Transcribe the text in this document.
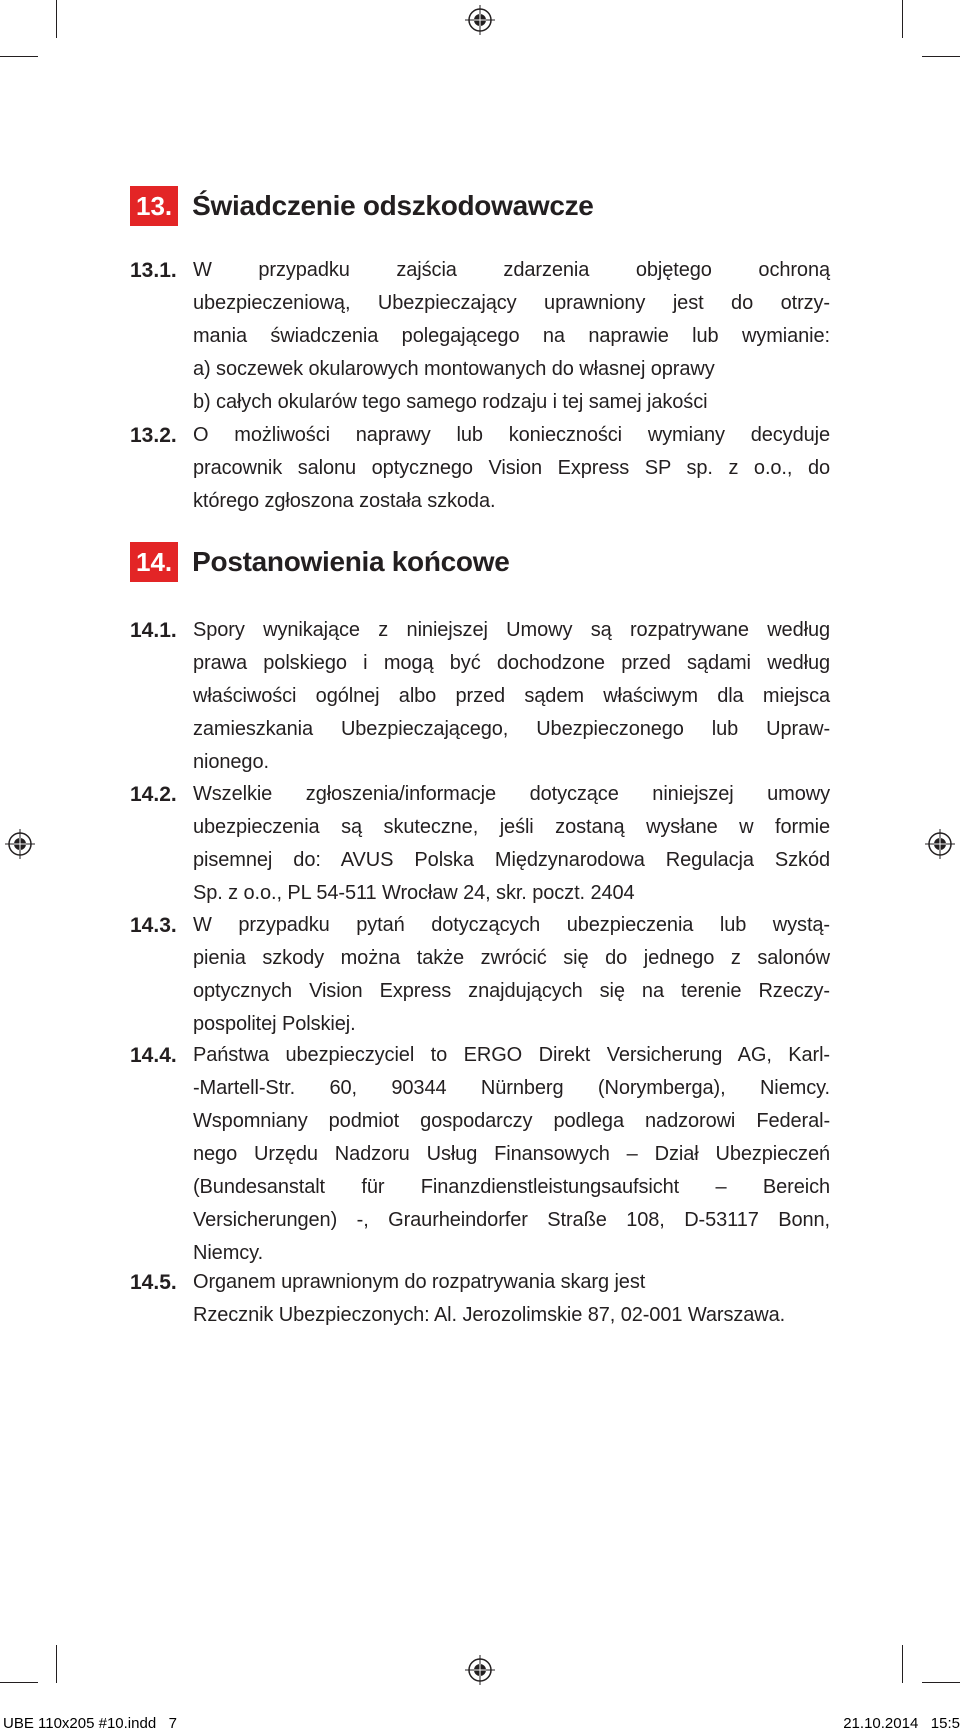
13. Świadczenie odszkodowawcze
13.1. W przypadku zajścia zdarzenia objętego ochroną

ubezpieczeniową, Ubezpieczający uprawniony jest do otrzy-

mania świadczenia polegającego na naprawie lub wymianie:

a) soczewek okularowych montowanych do własnej oprawy

b) całych okularów tego samego rodzaju i tej samej jakości

13.2. O możliwości naprawy lub konieczności wymiany decyduje

pracownik salonu optycznego Vision Express SP sp. z o.o., do

którego zgłoszona została szkoda.

14. Postanowienia końcowe
14.1. Spory wynikające z niniejszej Umowy są rozpatrywane według

prawa polskiego i mogą być dochodzone przed sądami według

właściwości ogólnej albo przed sądem właściwym dla miejsca

zamieszkania Ubezpieczającego, Ubezpieczonego lub Upraw-

nionego.

14.2. Wszelkie zgłoszenia/informacje dotyczące niniejszej umowy

ubezpieczenia są skuteczne, jeśli zostaną wysłane w formie

pisemnej do: AVUS Polska Międzynarodowa Regulacja Szkód

Sp. z o.o., PL 54-511 Wrocław 24, skr. poczt. 2404

14.3. W przypadku pytań dotyczących ubezpieczenia lub wystą-

pienia szkody można także zwrócić się do jednego z salonów

optycznych Vision Express znajdujących się na terenie Rzeczy-

pospolitej Polskiej.

14.4. Państwa ubezpieczyciel to ERGO Direkt Versicherung AG, Karl-

-Martell-Str. 60, 90344 Nürnberg (Norymberga), Niemcy.

Wspomniany podmiot gospodarczy podlega nadzorowi Federal-

nego Urzędu Nadzoru Usług Finansowych – Dział Ubezpieczeń

(Bundesanstalt für Finanzdienstleistungsaufsicht – Bereich

Versicherungen) -, Graurheindorfer Straße 108, D-53117 Bonn,

Niemcy.

14.5. Organem uprawnionym do rozpatrywania skarg jest

Rzecznik Ubezpieczonych: Al. Jerozolimskie 87, 02-001 Warszawa.

UBE 110x205 #10.indd   7	21.10.2014   15:5
